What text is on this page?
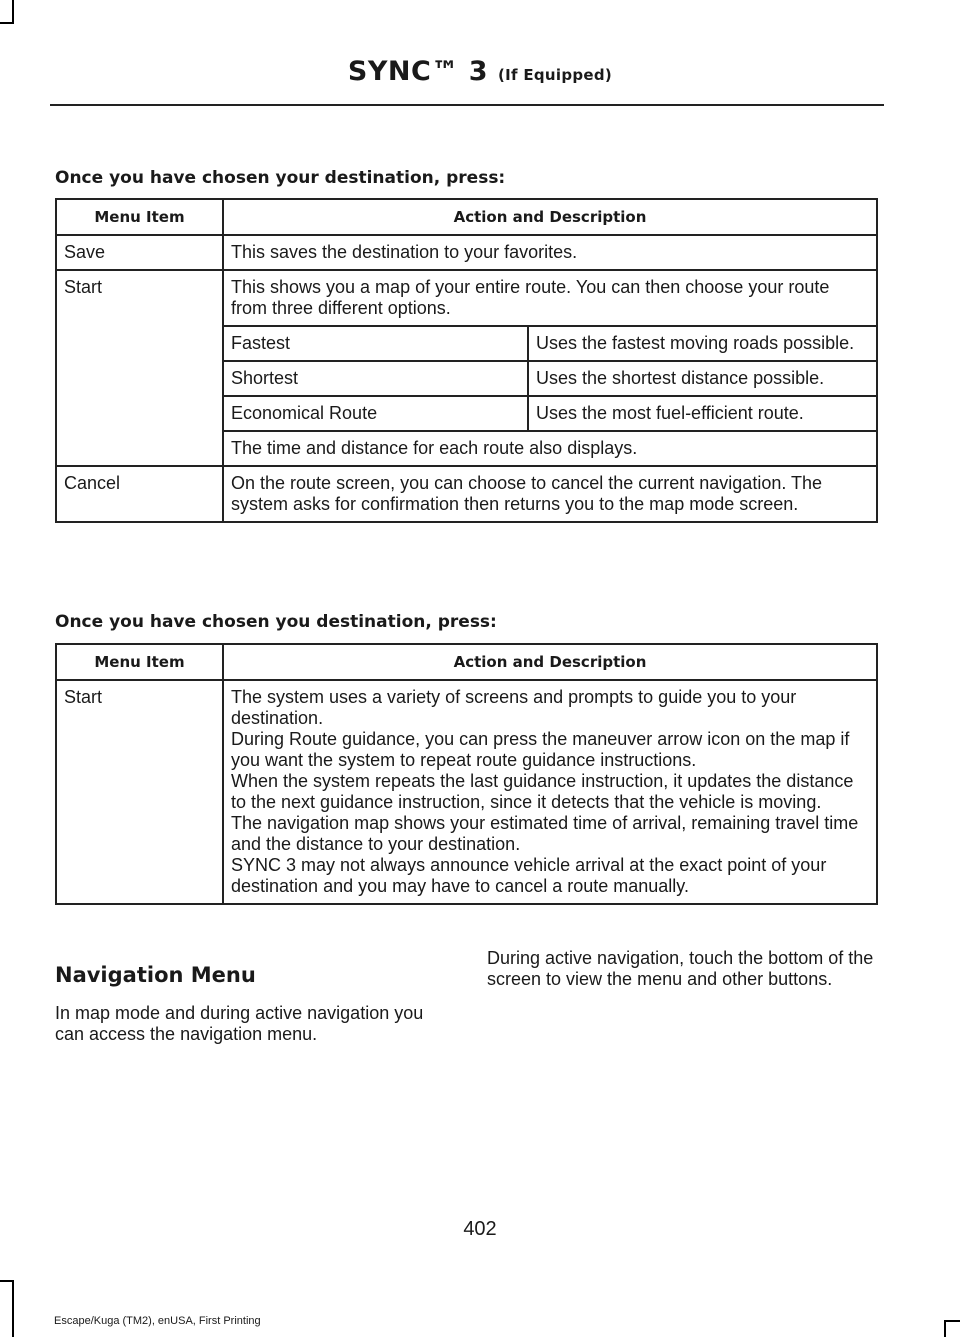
SYNC™ 3 (If Equipped)
Once you have chosen your destination, press:
Menu Item	Action and Description
Save	This saves the destination to your favorites.
Start		This shows you a map of your entire route. You can then choose your route from three different options.
Fastest	Uses the fastest moving roads possible.
Shortest	Uses the shortest distance possible.
Economical Route	Uses the most fuel-efficient route.
The time and distance for each route also displays.

Cancel	On the route screen, you can choose to cancel the current navigation. The system asks for confirmation then returns you to the map mode screen.
Once you have chosen you destination, press:
Menu Item	Action and Description
Start	The system uses a variety of screens and prompts to guide you to your destination.

During Route guidance, you can press the maneuver arrow icon on the map if you want the system to repeat route guidance instructions.

When the system repeats the last guidance instruction, it updates the distance to the next guidance instruction, since it detects that the vehicle is moving.

The navigation map shows your estimated time of arrival, remaining travel time and the distance to your destination.

SYNC 3 may not always announce vehicle arrival at the exact point of your destination and you may have to cancel a route manually.

Navigation Menu

In map mode and during active navigation you can access the navigation menu.

During active navigation, touch the bottom of the screen to view the menu and other buttons.

402
Escape/Kuga (TM2), enUSA, First Printing
